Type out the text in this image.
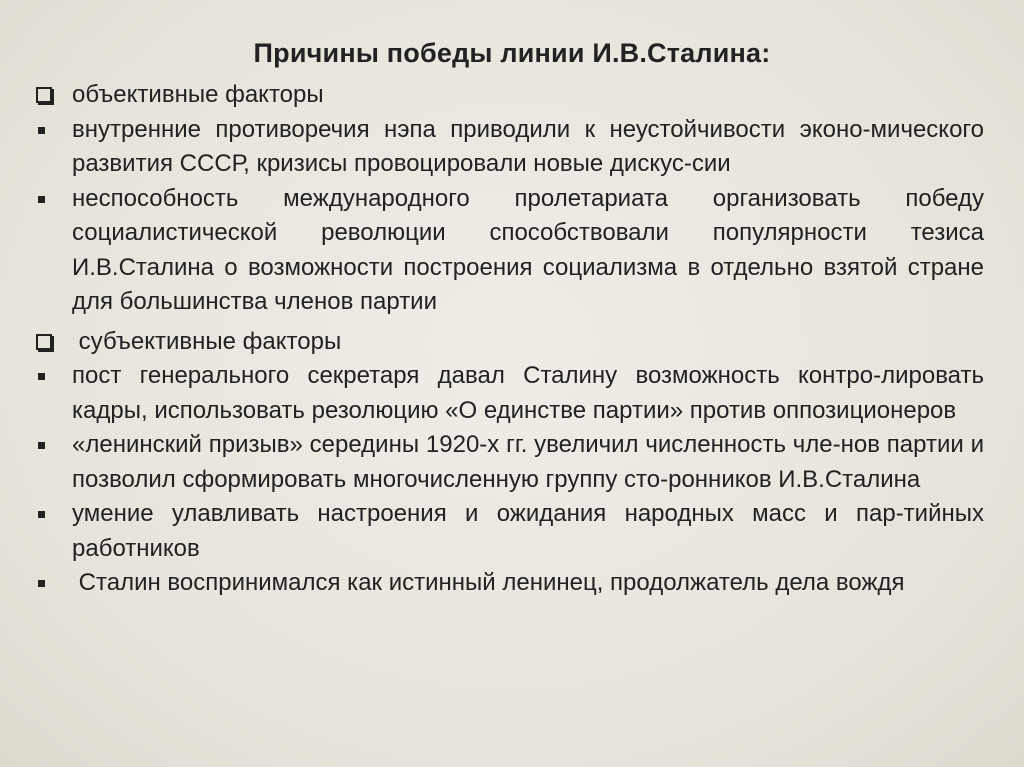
Причины победы линии И.В.Сталина:
объективные факторы
внутренние противоречия нэпа приводили к неустойчивости эконо-мического развития СССР, кризисы провоцировали новые дискус-сии
неспособность международного пролетариата организовать победу социалистической революции способствовали популярности тезиса И.В.Сталина о возможности построения социализма в отдельно взятой стране для большинства членов партии
субъективные факторы
пост генерального секретаря давал Сталину возможность контро-лировать кадры, использовать резолюцию «О единстве партии» против оппозиционеров
«ленинский призыв» середины 1920-х гг. увеличил численность чле-нов партии и позволил сформировать многочисленную группу сто-ронников И.В.Сталина
умение улавливать настроения и ожидания народных масс и пар-тийных работников
Сталин воспринимался как истинный ленинец, продолжатель дела вождя
